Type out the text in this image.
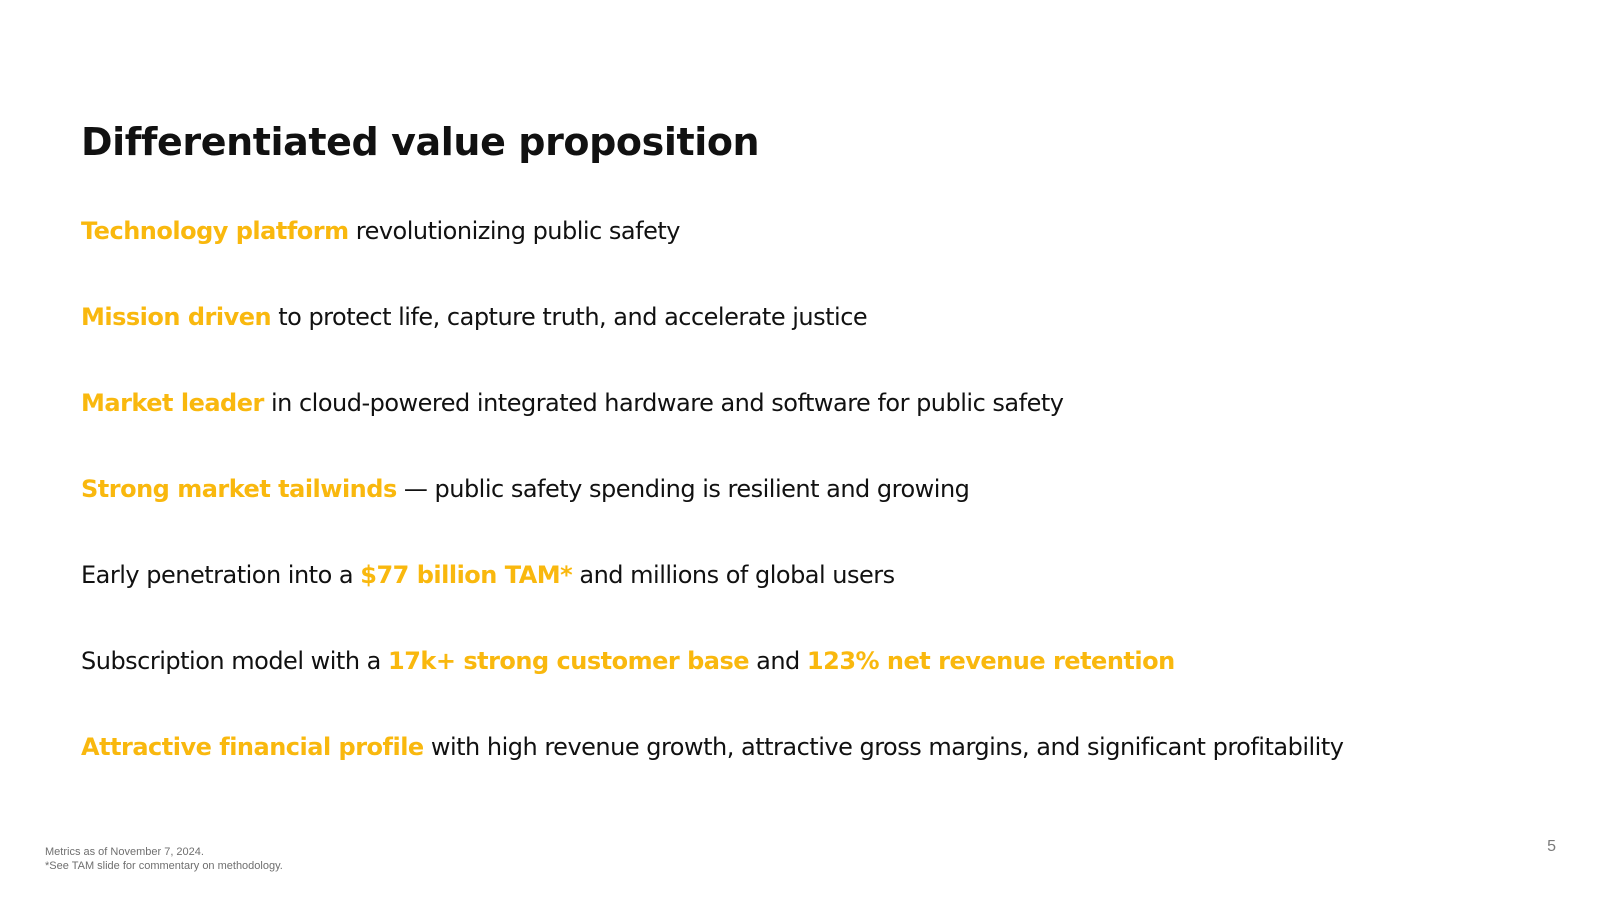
Differentiated value proposition
Technology platform revolutionizing public safety
Mission driven to protect life, capture truth, and accelerate justice
Market leader in cloud-powered integrated hardware and software for public safety
Strong market tailwinds — public safety spending is resilient and growing
Early penetration into a $77 billion TAM* and millions of global users
Subscription model with a 17k+ strong customer base and 123% net revenue retention
Attractive financial profile with high revenue growth, attractive gross margins, and significant profitability
Metrics as of November 7, 2024.
*See TAM slide for commentary on methodology.
5
